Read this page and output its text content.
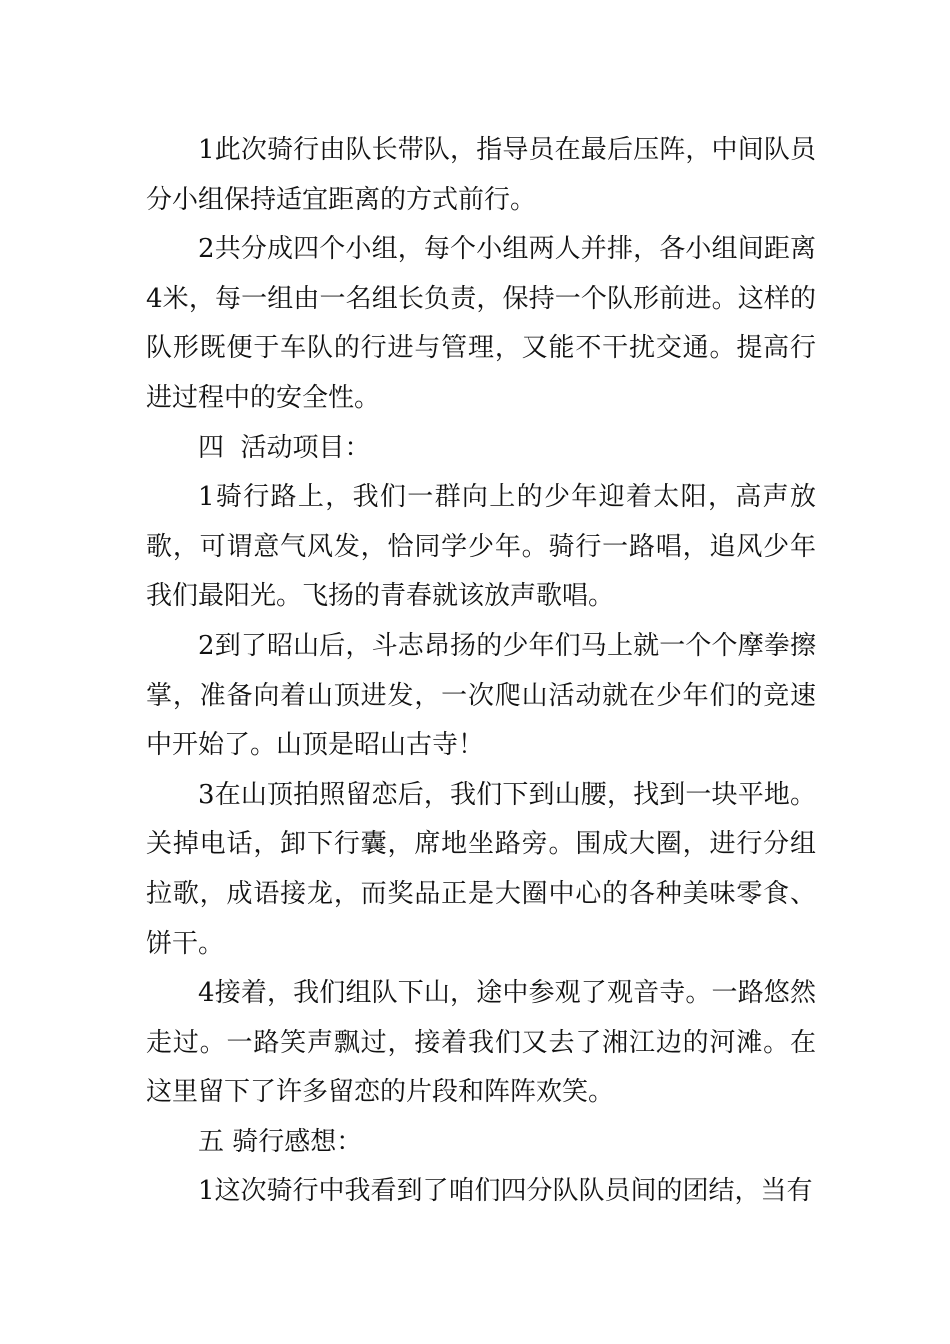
1此次骑行由队长带队，指导员在最后压阵，中间队员分小组保持适宜距离的方式前行。

2共分成四个小组，每个小组两人并排，各小组间距离4米，每一组由一名组长负责，保持一个队形前进。这样的队形既便于车队的行进与管理，又能不干扰交通。提高行进过程中的安全性。

四  活动项目：

1骑行路上，我们一群向上的少年迎着太阳，高声放歌，可谓意气风发，恰同学少年。骑行一路唱，追风少年我们最阳光。飞扬的青春就该放声歌唱。

2到了昭山后，斗志昂扬的少年们马上就一个个摩拳擦掌，准备向着山顶进发，一次爬山活动就在少年们的竞速中开始了。山顶是昭山古寺！

3在山顶拍照留恋后，我们下到山腰，找到一块平地。关掉电话，卸下行囊，席地坐路旁。围成大圈，进行分组拉歌，成语接龙，而奖品正是大圈中心的各种美味零食、饼干。

4接着，我们组队下山，途中参观了观音寺。一路悠然走过。一路笑声飘过，接着我们又去了湘江边的河滩。在这里留下了许多留恋的片段和阵阵欢笑。

五 骑行感想：

1这次骑行中我看到了咱们四分队队员间的团结，当有
